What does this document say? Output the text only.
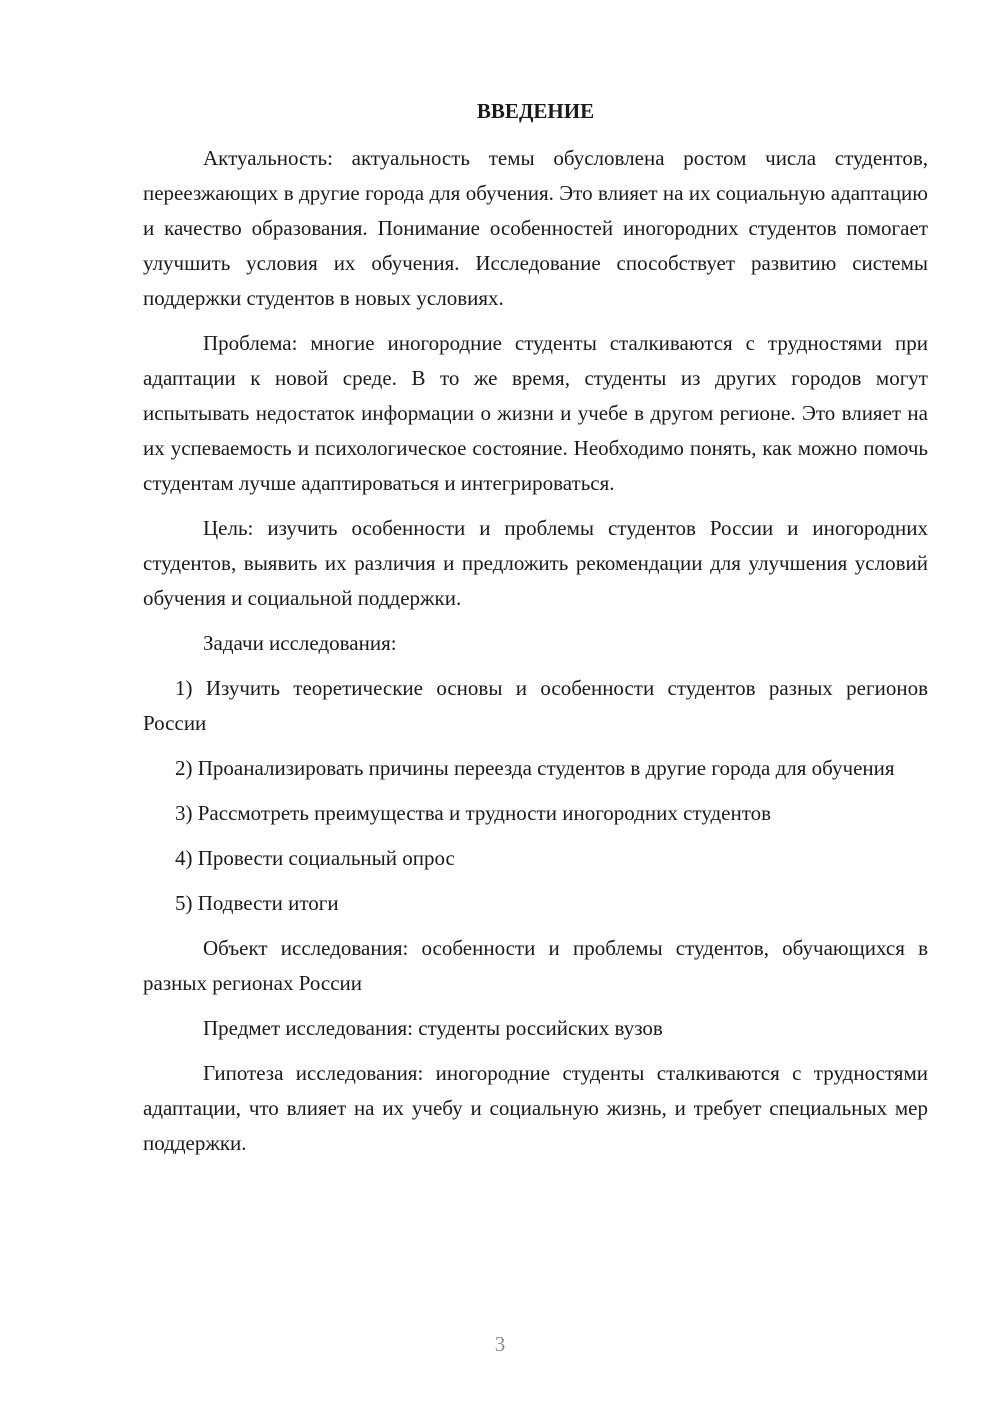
ВВЕДЕНИЕ

Актуальность: актуальность темы обусловлена ростом числа студентов, переезжающих в другие города для обучения. Это влияет на их социальную адаптацию и качество образования. Понимание особенностей иногородних студентов помогает улучшить условия их обучения. Исследование способствует развитию системы поддержки студентов в новых условиях.

Проблема: многие иногородние студенты сталкиваются с трудностями при адаптации к новой среде. В то же время, студенты из других городов могут испытывать недостаток информации о жизни и учебе в другом регионе. Это влияет на их успеваемость и психологическое состояние. Необходимо понять, как можно помочь студентам лучше адаптироваться и интегрироваться.

Цель: изучить особенности и проблемы студентов России и иногородних студентов, выявить их различия и предложить рекомендации для улучшения условий обучения и социальной поддержки.

Задачи исследования:

1) Изучить теоретические основы и особенности студентов разных регионов России

2) Проанализировать причины переезда студентов в другие города для обучения

3) Рассмотреть преимущества и трудности иногородних студентов

4) Провести социальный опрос

5) Подвести итоги

Объект исследования: особенности и проблемы студентов, обучающихся в разных регионах России

Предмет исследования: студенты российских вузов

Гипотеза исследования: иногородние студенты сталкиваются с трудностями адаптации, что влияет на их учебу и социальную жизнь, и требует специальных мер поддержки.

3
